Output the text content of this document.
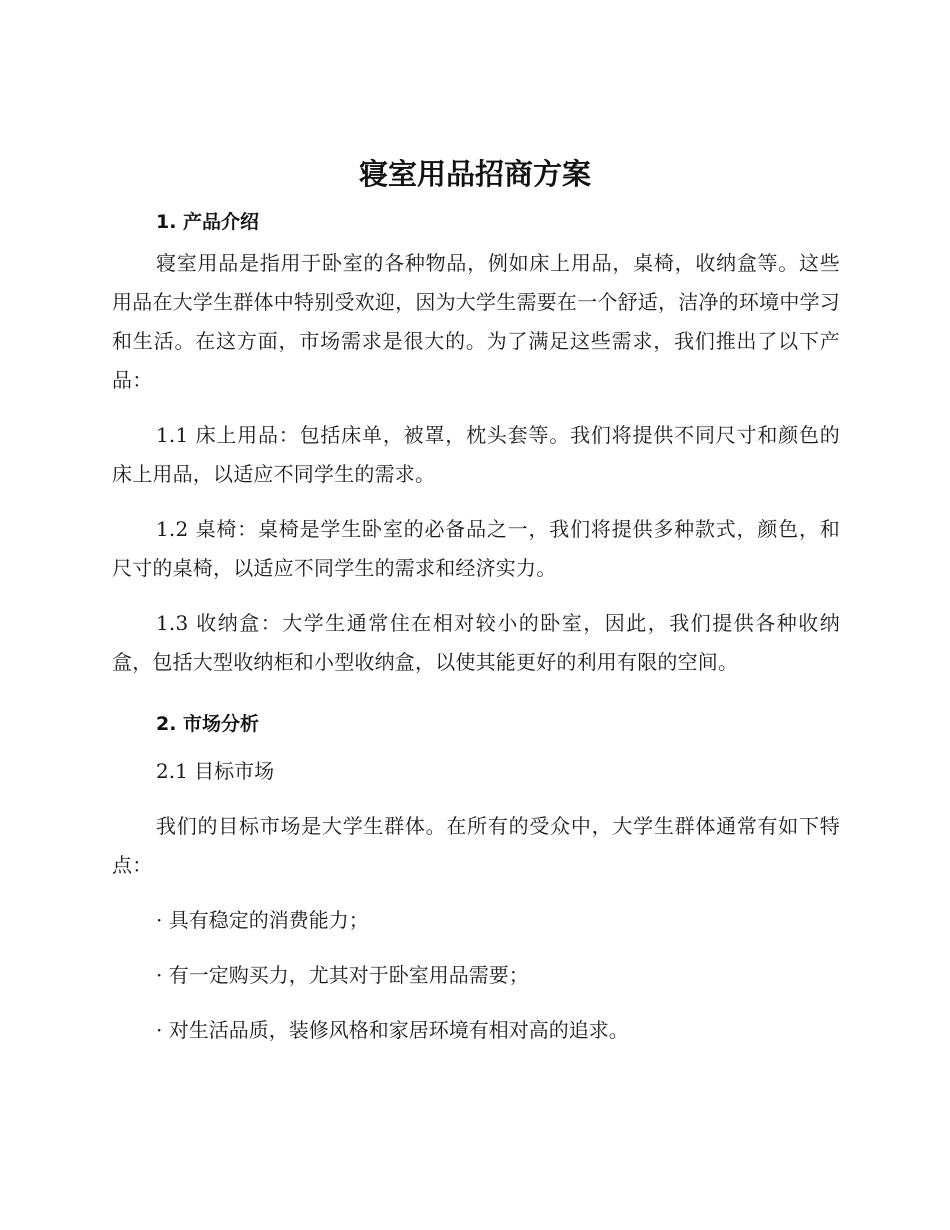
寝室用品招商方案
1. 产品介绍

寝室用品是指用于卧室的各种物品，例如床上用品，桌椅，收纳盒等。这些用品在大学生群体中特别受欢迎，因为大学生需要在一个舒适，洁净的环境中学习和生活。在这方面，市场需求是很大的。为了满足这些需求，我们推出了以下产品：

1.1 床上用品：包括床单，被罩，枕头套等。我们将提供不同尺寸和颜色的床上用品，以适应不同学生的需求。

1.2 桌椅：桌椅是学生卧室的必备品之一，我们将提供多种款式，颜色，和尺寸的桌椅，以适应不同学生的需求和经济实力。

1.3 收纳盒：大学生通常住在相对较小的卧室，因此，我们提供各种收纳盒，包括大型收纳柜和小型收纳盒，以使其能更好的利用有限的空间。

2. 市场分析

2.1 目标市场

我们的目标市场是大学生群体。在所有的受众中，大学生群体通常有如下特点：

· 具有稳定的消费能力；

· 有一定购买力，尤其对于卧室用品需要；

· 对生活品质，装修风格和家居环境有相对高的追求。
